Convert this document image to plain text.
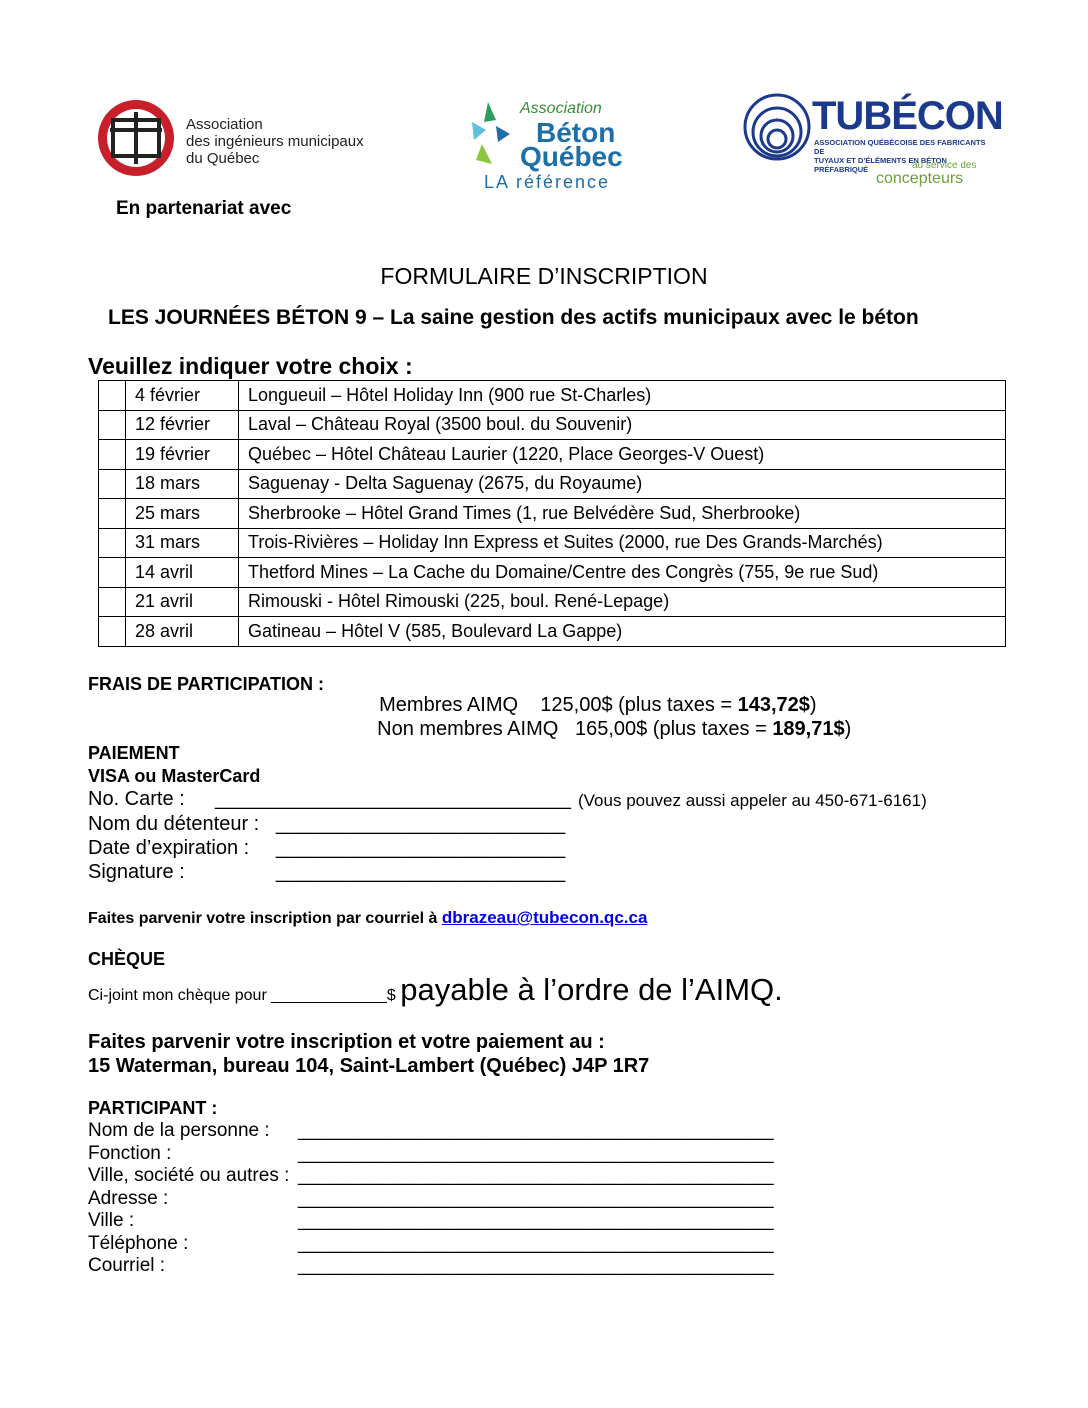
Association
des ingénieurs municipaux
du Québec
Association
Béton
Québec
LA référence
TUBÉCON
ASSOCIATION QUÉBÉCOISE DES FABRICANTS DE
TUYAUX ET D’ÉLÉMENTS EN BÉTON PRÉFABRIQUÉ	au service des
concepteurs
En partenariat avec
FORMULAIRE D’INSCRIPTION
LES JOURNÉES BÉTON 9 – La saine gestion des actifs municipaux avec le béton
Veuillez indiquer votre choix :
	4 février	Longueuil – Hôtel Holiday Inn (900 rue St-Charles)
	12 février	Laval – Château Royal (3500 boul. du Souvenir)
	19 février	Québec – Hôtel Château Laurier (1220, Place Georges-V Ouest)
	18 mars	Saguenay - Delta Saguenay (2675, du Royaume)
	25 mars	Sherbrooke – Hôtel Grand Times (1, rue Belvédère Sud, Sherbrooke)
	31 mars	Trois-Rivières – Holiday Inn Express et Suites (2000, rue Des Grands-Marchés)
	14 avril	Thetford Mines – La Cache du Domaine/Centre des Congrès (755, 9e rue Sud)
	21 avril	Rimouski - Hôtel Rimouski (225, boul. René-Lepage)
	28 avril	Gatineau – Hôtel V (585, Boulevard La Gappe)
FRAIS DE PARTICIPATION :

Membres AIMQ    125,00$ (plus taxes = 143,72$)

Non membres AIMQ   165,00$ (plus taxes = 189,71$)

PAIEMENT
VISA ou MasterCard
No. Carte : ________________________________ (Vous pouvez aussi appeler au 450-671-6161)
Nom du détenteur : __________________________
Date d’expiration : __________________________
Signature :	__________________________
Faites parvenir votre inscription par courriel à dbrazeau@tubecon.qc.ca
CHÈQUE
Ci-joint mon chèque pour _____________$ payable à l’ordre de l’AIMQ.
Faites parvenir votre inscription et votre paiement au :
15 Waterman, bureau 104, Saint-Lambert (Québec) J4P 1R7
PARTICIPANT :
Nom de la personne : _____________________________________________
Fonction :	_____________________________________________
Ville, société ou autres : _____________________________________________
Adresse :	_____________________________________________
Ville :	_____________________________________________
Téléphone :	_____________________________________________
Courriel :	_____________________________________________
